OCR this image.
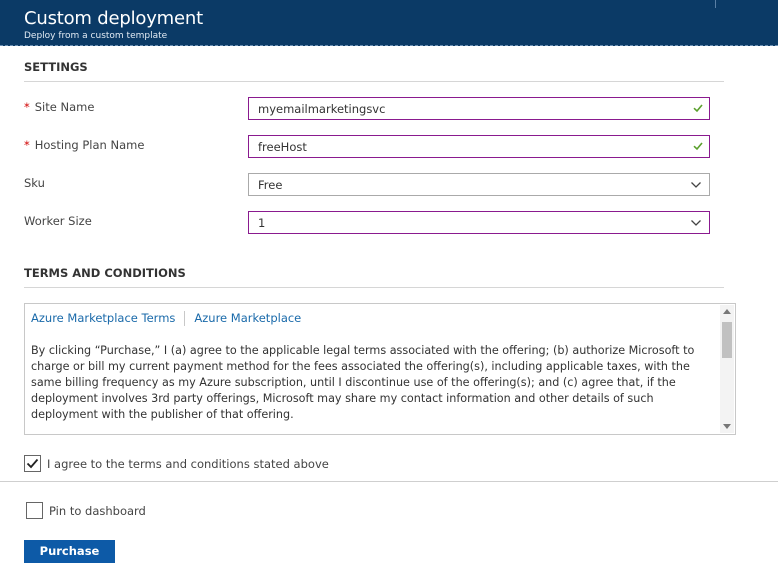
Custom deployment
Deploy from a custom template
SETTINGS
* Site Name	myemailmarketingsvc
* Hosting Plan Name	freeHost
Sku	Free
Worker Size	1
TERMS AND CONDITIONS
Azure Marketplace Terms Azure Marketplace
By clicking “Purchase,” I (a) agree to the applicable legal terms associated with the offering; (b) authorize Microsoft to charge or bill my current payment method for the fees associated the offering(s), including applicable taxes, with the same billing frequency as my Azure subscription, until I discontinue use of the offering(s); and (c) agree that, if the deployment involves 3rd party offerings, Microsoft may share my contact information and other details of such deployment with the publisher of that offering.
I agree to the terms and conditions stated above
Pin to dashboard
Purchase
